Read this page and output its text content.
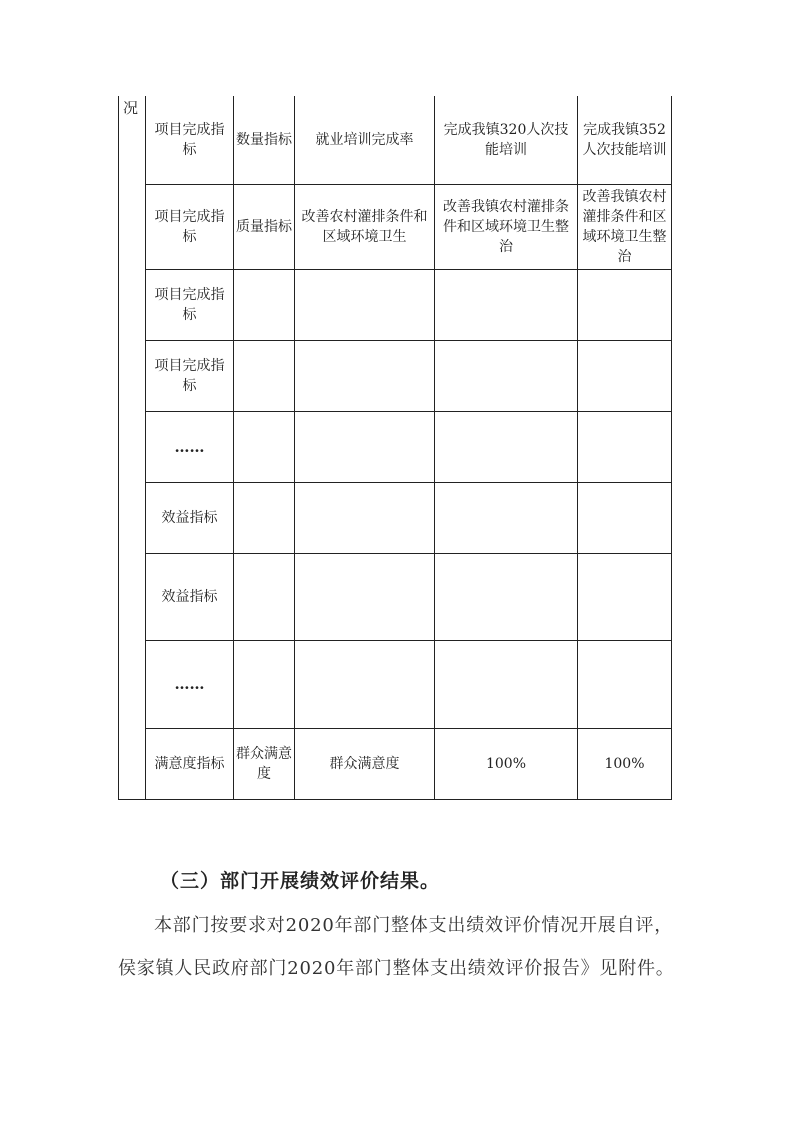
况	项目完成指标	数量指标	就业培训完成率	完成我镇320人次技能培训	完成我镇352人次技能培训
	项目完成指标	质量指标	改善农村灌排条件和区域环境卫生	改善我镇农村灌排条件和区域环境卫生整治	改善我镇农村灌排条件和区域环境卫生整治
	项目完成指标				
	项目完成指标				
	……				
	效益指标				
	效益指标				
	……				
	满意度指标	群众满意度	群众满意度	100%	100%
（三）部门开展绩效评价结果。

本部门按要求对2020年部门整体支出绩效评价情况开展自评，侯家镇人民政府部门2020年部门整体支出绩效评价报告》见附件。
